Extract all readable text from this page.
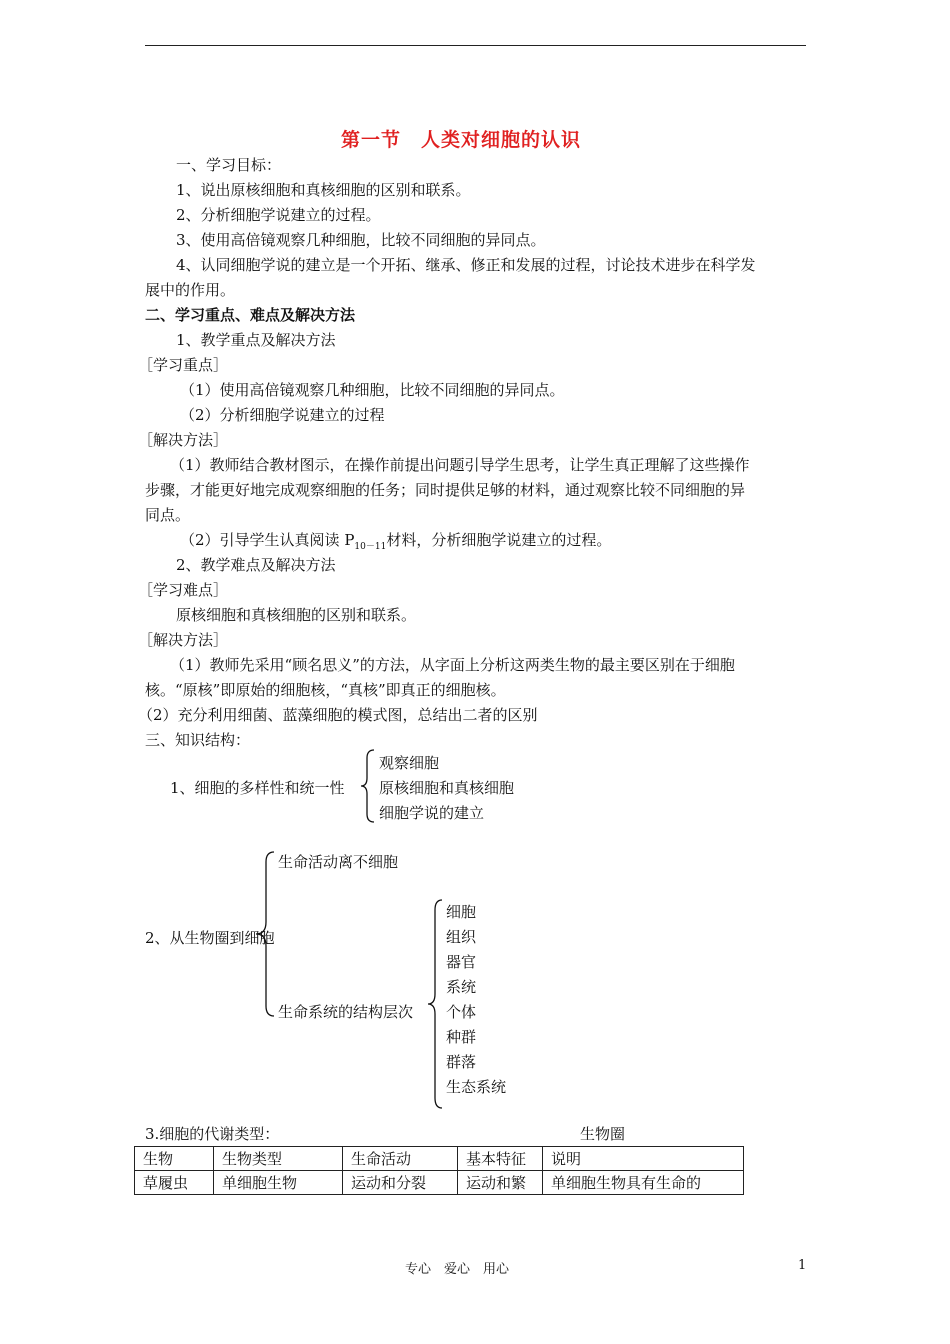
第一节　人类对细胞的认识
一、学习目标：
1、说出原核细胞和真核细胞的区别和联系。
2、分析细胞学说建立的过程。
3、使用高倍镜观察几种细胞，比较不同细胞的异同点。
4、认同细胞学说的建立是一个开拓、继承、修正和发展的过程，讨论技术进步在科学发
展中的作用。
二、学习重点、难点及解决方法
1、教学重点及解决方法
［学习重点］
（1）使用高倍镜观察几种细胞，比较不同细胞的异同点。
（2）分析细胞学说建立的过程
［解决方法］
（1）教师结合教材图示，在操作前提出问题引导学生思考，让学生真正理解了这些操作
步骤，才能更好地完成观察细胞的任务；同时提供足够的材料，通过观察比较不同细胞的异
同点。
（2）引导学生认真阅读 $P_{10-11}$材料，分析细胞学说建立的过程。
2、教学难点及解决方法
［学习难点］
原核细胞和真核细胞的区别和联系。
［解决方法］
（1）教师先采用“顾名思义”的方法，从字面上分析这两类生物的最主要区别在于细胞
核。“原核”即原始的细胞核，“真核”即真正的细胞核。
（2）充分利用细菌、蓝藻细胞的模式图，总结出二者的区别
三、知识结构：
1、细胞的多样性和统一性
观察细胞
原核细胞和真核细胞
细胞学说的建立
2、从生物圈到细胞
生命活动离不细胞
生命系统的结构层次
细胞
组织
器官
系统
个体
种群
群落
生态系统
3.细胞的代谢类型：	生物圈
生物	生物类型	生命活动	基本特征	说明
草履虫	单细胞生物	运动和分裂	运动和繁	单细胞生物具有生命的
专心　爱心　用心	1
